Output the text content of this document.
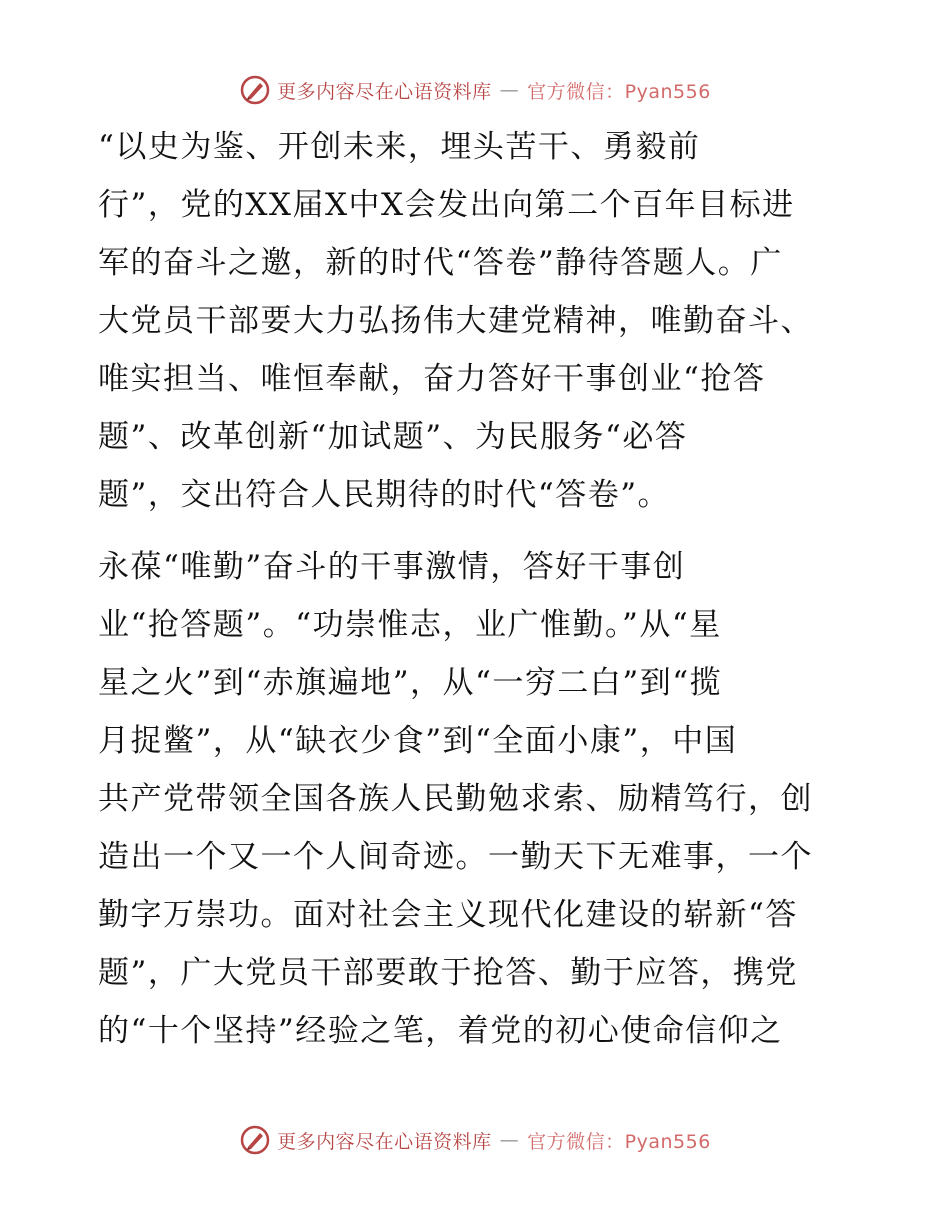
更多内容尽在心语资料库 — 官方微信：Pyan556

“以史为鉴、开创未来，埋头苦干、勇毅前
行”，党的XX届X中X会发出向第二个百年目标进
军的奋斗之邀，新的时代“答卷”静待答题人。广
大党员干部要大力弘扬伟大建党精神，唯勤奋斗、
唯实担当、唯恒奉献，奋力答好干事创业“抢答
题”、改革创新“加试题”、为民服务“必答
题”，交出符合人民期待的时代“答卷”。

永葆“唯勤”奋斗的干事激情，答好干事创
业“抢答题”。“功崇惟志，业广惟勤。”从“星
星之火”到“赤旗遍地”，从“一穷二白”到“揽
月捉鳖”，从“缺衣少食”到“全面小康”，中国
共产党带领全国各族人民勤勉求索、励精笃行，创
造出一个又一个人间奇迹。一勤天下无难事，一个
勤字万崇功。面对社会主义现代化建设的崭新“答
题”，广大党员干部要敢于抢答、勤于应答，携党
的“十个坚持”经验之笔，着党的初心使命信仰之

更多内容尽在心语资料库 — 官方微信：Pyan556
